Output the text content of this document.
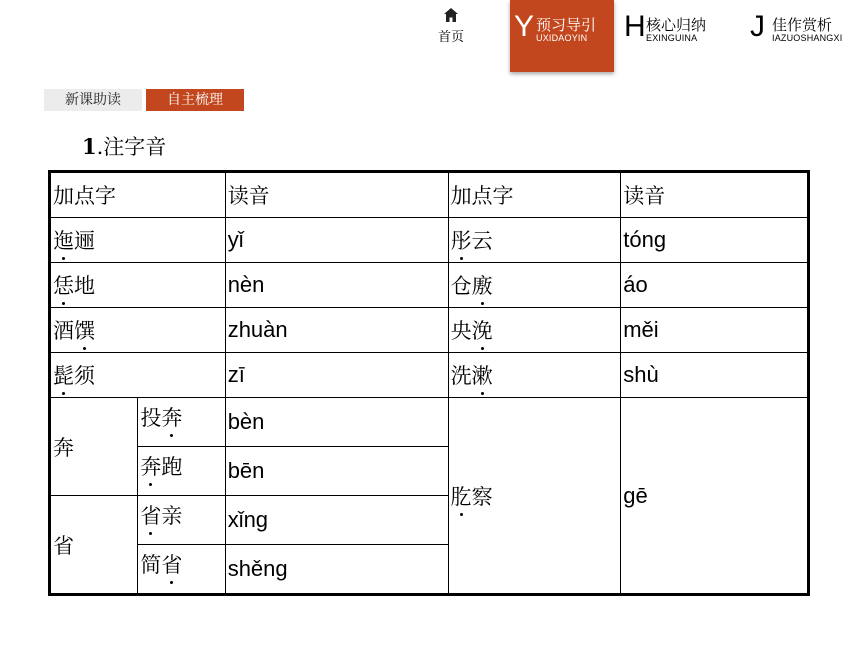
首页	Y 预习导引
UXIDAOYIN H 核心归纳
EXINGUINA J 佳作赏析
IAZUOSHANGXI
新课助读	自主梳理
1.注字音
加点字		读音	加点字	读音
迤逦		yǐ	彤云	tóng
恁地		nèn	仓廒	áo
酒馔		zhuàn	央浼	měi
髭须		zī	洗漱	shù
奔	投奔	bèn	肐察	gē
	奔跑	bēn		
省	省亲	xǐng		
	简省	shěng		
